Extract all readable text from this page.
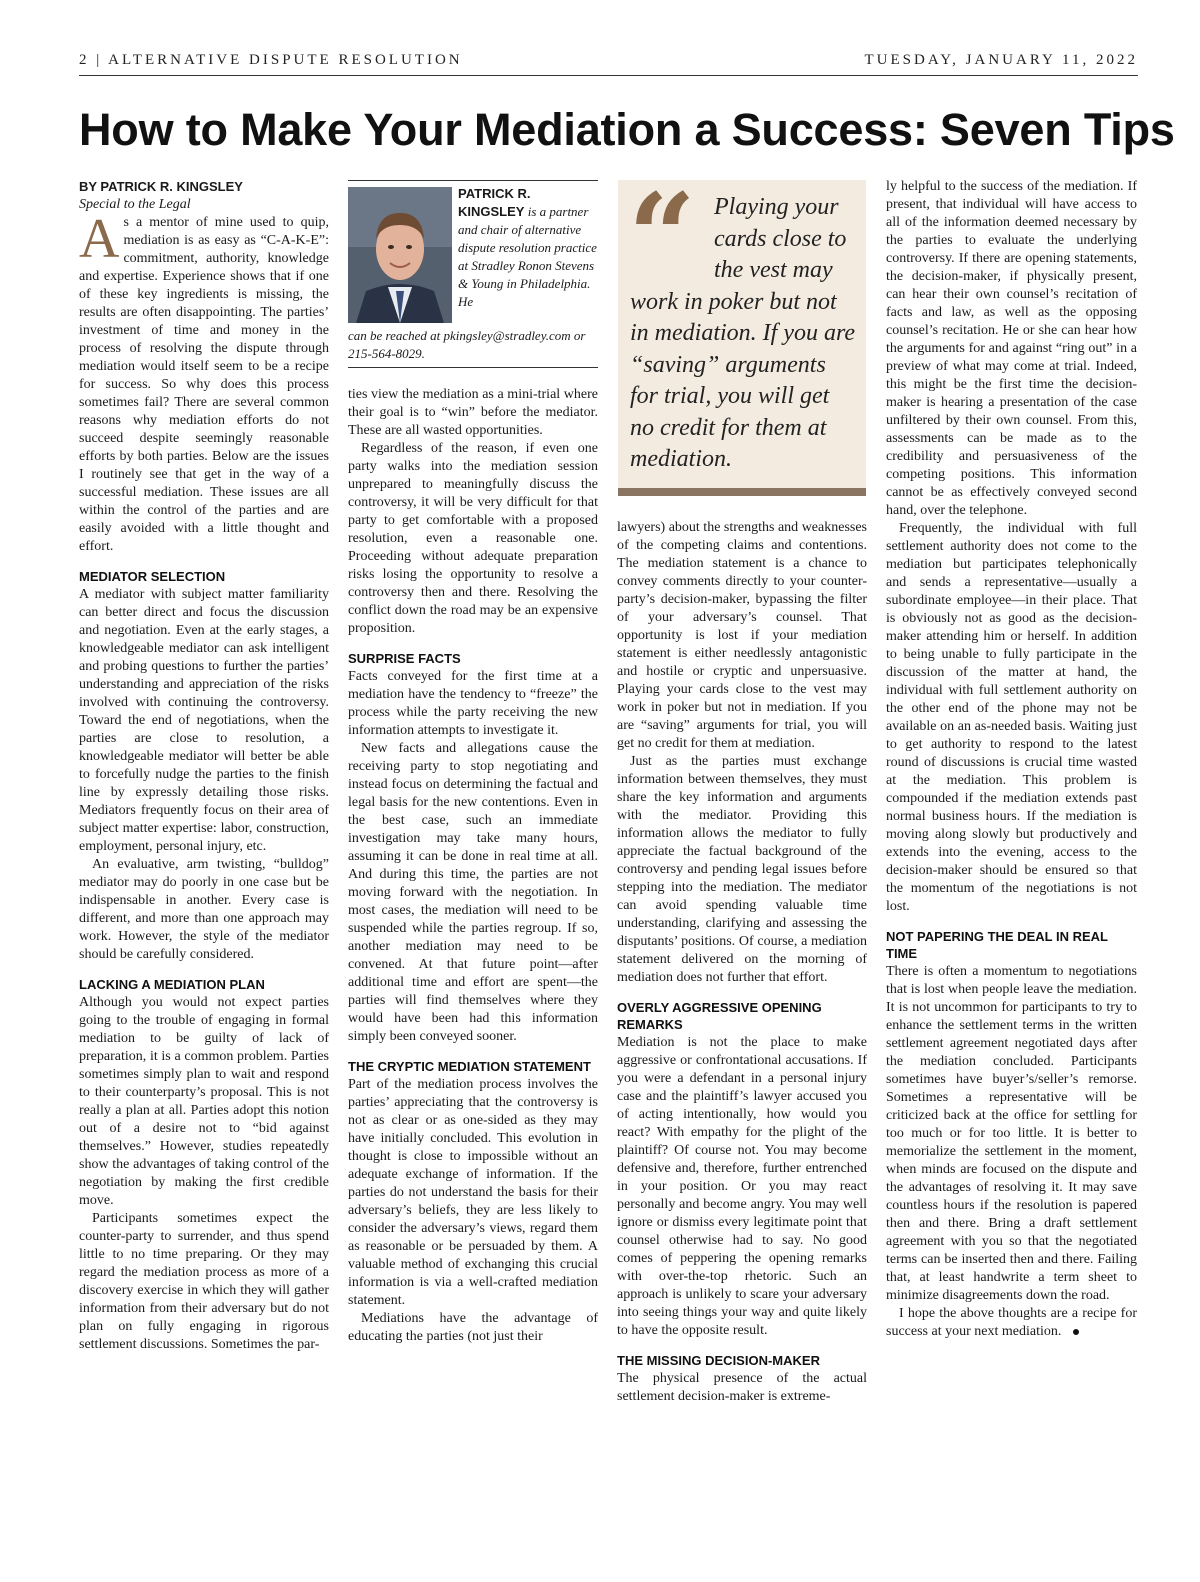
2 | ALTERNATIVE DISPUTE RESOLUTION	TUESDAY, JANUARY 11, 2022
How to Make Your Mediation a Success: Seven Tips

BY PATRICK R. KINGSLEY

Special to the Legal

As a mentor of mine used to quip, mediation is as easy as “C-A-K-E”: commitment, authority, knowledge and expertise. Experience shows that if one of these key ingredients is missing, the results are often disappointing. The parties’ investment of time and money in the process of resolving the dispute through mediation would itself seem to be a recipe for success. So why does this process sometimes fail? There are several common reasons why mediation efforts do not succeed despite seemingly reasonable efforts by both parties. Below are the issues I routinely see that get in the way of a successful mediation. These issues are all within the control of the parties and are easily avoided with a little thought and effort.

MEDIATOR SELECTION

A mediator with subject matter familiarity can better direct and focus the discussion and negotiation. Even at the early stages, a knowledgeable mediator can ask intelligent and probing questions to further the parties’ understanding and appreciation of the risks involved with continuing the controversy. Toward the end of negotiations, when the parties are close to resolution, a knowledgeable mediator will better be able to forcefully nudge the parties to the finish line by expressly detailing those risks. Mediators frequently focus on their area of subject matter expertise: labor, construction, employment, personal injury, etc.

An evaluative, arm twisting, “bulldog” mediator may do poorly in one case but be indispensable in another. Every case is different, and more than one approach may work. However, the style of the mediator should be carefully considered.

LACKING A MEDIATION PLAN

Although you would not expect parties going to the trouble of engaging in formal mediation to be guilty of lack of preparation, it is a common problem. Parties sometimes simply plan to wait and respond to their counterparty’s proposal. This is not really a plan at all. Parties adopt this notion out of a desire not to “bid against themselves.” However, studies repeatedly show the advantages of taking control of the negotiation by making the first credible move.

Participants sometimes expect the counter-party to surrender, and thus spend little to no time preparing. Or they may regard the mediation process as more of a discovery exercise in which they will gather information from their adversary but do not plan on fully engaging in rigorous settlement discussions. Sometimes the par-

PATRICK R. KINGSLEY is a partner and chair of alternative dispute resolution practice at Stradley Ronon Stevens & Young in Philadelphia. He
can be reached at pkingsley@stradley.com or 215-564-8029.

ties view the mediation as a mini-trial where their goal is to “win” before the mediator. These are all wasted opportunities.

Regardless of the reason, if even one party walks into the mediation session unprepared to meaningfully discuss the controversy, it will be very difficult for that party to get comfortable with a proposed resolution, even a reasonable one. Proceeding without adequate preparation risks losing the opportunity to resolve a controversy then and there. Resolving the conflict down the road may be an expensive proposition.

SURPRISE FACTS

Facts conveyed for the first time at a mediation have the tendency to “freeze” the process while the party receiving the new information attempts to investigate it.

New facts and allegations cause the receiving party to stop negotiating and instead focus on determining the factual and legal basis for the new contentions. Even in the best case, such an immediate investigation may take many hours, assuming it can be done in real time at all. And during this time, the parties are not moving forward with the negotiation. In most cases, the mediation will need to be suspended while the parties regroup. If so, another mediation may need to be convened. At that future point—after additional time and effort are spent—the parties will find themselves where they would have been had this information simply been conveyed sooner.

THE CRYPTIC MEDIATION STATEMENT

Part of the mediation process involves the parties’ appreciating that the controversy is not as clear or as one-sided as they may have initially concluded. This evolution in thought is close to impossible without an adequate exchange of information. If the parties do not understand the basis for their adversary’s beliefs, they are less likely to consider the adversary’s views, regard them as reasonable or be persuaded by them. A valuable method of exchanging this crucial information is via a well-crafted mediation statement.

Mediations have the advantage of educating the parties (not just their

“ Playing your cards close to the vest may
work in poker but not in mediation. If you are “saving” arguments for trial, you will get no credit for them at mediation.

lawyers) about the strengths and weaknesses of the competing claims and contentions. The mediation statement is a chance to convey comments directly to your counter-party’s decision-maker, bypassing the filter of your adversary’s counsel. That opportunity is lost if your mediation statement is either needlessly antagonistic and hostile or cryptic and unpersuasive. Playing your cards close to the vest may work in poker but not in mediation. If you are “saving” arguments for trial, you will get no credit for them at mediation.

Just as the parties must exchange information between themselves, they must share the key information and arguments with the mediator. Providing this information allows the mediator to fully appreciate the factual background of the controversy and pending legal issues before stepping into the mediation. The mediator can avoid spending valuable time understanding, clarifying and assessing the disputants’ positions. Of course, a mediation statement delivered on the morning of mediation does not further that effort.

OVERLY AGGRESSIVE OPENING REMARKS

Mediation is not the place to make aggressive or confrontational accusations. If you were a defendant in a personal injury case and the plaintiff’s lawyer accused you of acting intentionally, how would you react? With empathy for the plight of the plaintiff? Of course not. You may become defensive and, therefore, further entrenched in your position. Or you may react personally and become angry. You may well ignore or dismiss every legitimate point that counsel otherwise had to say. No good comes of peppering the opening remarks with over-the-top rhetoric. Such an approach is unlikely to scare your adversary into seeing things your way and quite likely to have the opposite result.

THE MISSING DECISION-MAKER

The physical presence of the actual settlement decision-maker is extreme-

ly helpful to the success of the mediation. If present, that individual will have access to all of the information deemed necessary by the parties to evaluate the underlying controversy. If there are opening statements, the decision-maker, if physically present, can hear their own counsel’s recitation of facts and law, as well as the opposing counsel’s recitation. He or she can hear how the arguments for and against “ring out” in a preview of what may come at trial. Indeed, this might be the first time the decision-maker is hearing a presentation of the case unfiltered by their own counsel. From this, assessments can be made as to the credibility and persuasiveness of the competing positions. This information cannot be as effectively conveyed second hand, over the telephone.

Frequently, the individual with full settlement authority does not come to the mediation but participates telephonically and sends a representative—usually a subordinate employee—in their place. That is obviously not as good as the decision-maker attending him or herself. In addition to being unable to fully participate in the discussion of the matter at hand, the individual with full settlement authority on the other end of the phone may not be available on an as-needed basis. Waiting just to get authority to respond to the latest round of discussions is crucial time wasted at the mediation. This problem is compounded if the mediation extends past normal business hours. If the mediation is moving along slowly but productively and extends into the evening, access to the decision-maker should be ensured so that the momentum of the negotiations is not lost.

NOT PAPERING THE DEAL IN REAL TIME

There is often a momentum to negotiations that is lost when people leave the mediation. It is not uncommon for participants to try to enhance the settlement terms in the written settlement agreement negotiated days after the mediation concluded. Participants sometimes have buyer’s/seller’s remorse. Sometimes a representative will be criticized back at the office for settling for too much or for too little. It is better to memorialize the settlement in the moment, when minds are focused on the dispute and the advantages of resolving it. It may save countless hours if the resolution is papered then and there. Bring a draft settlement agreement with you so that the negotiated terms can be inserted then and there. Failing that, at least handwrite a term sheet to minimize disagreements down the road.

I hope the above thoughts are a recipe for success at your next mediation.
